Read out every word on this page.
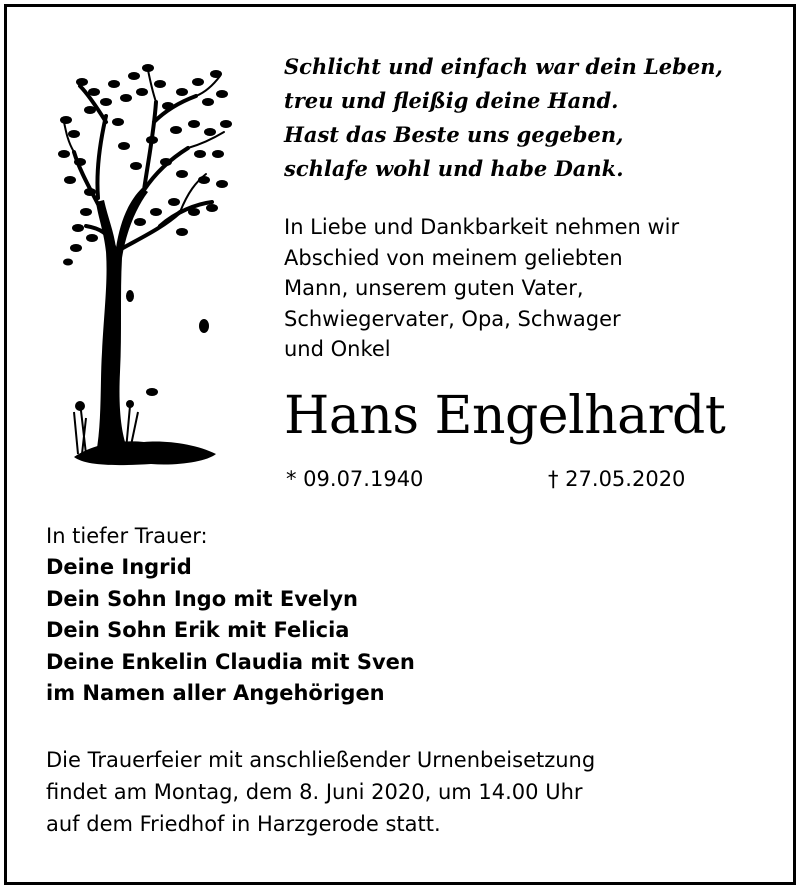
Schlicht und einfach war dein Leben,
treu und fleißig deine Hand.
Hast das Beste uns gegeben,
schlafe wohl und habe Dank.
In Liebe und Dankbarkeit nehmen wir
Abschied von meinem geliebten
Mann, unserem guten Vater,
Schwiegervater, Opa, Schwager
und Onkel
Hans Engelhardt
* 09.07.1940	† 27.05.2020
In tiefer Trauer:
Deine Ingrid
Dein Sohn Ingo mit Evelyn
Dein Sohn Erik mit Felicia
Deine Enkelin Claudia mit Sven
im Namen aller Angehörigen
Die Trauerfeier mit anschließender Urnenbeisetzung
findet am Montag, dem 8. Juni 2020, um 14.00 Uhr
auf dem Friedhof in Harzgerode statt.
